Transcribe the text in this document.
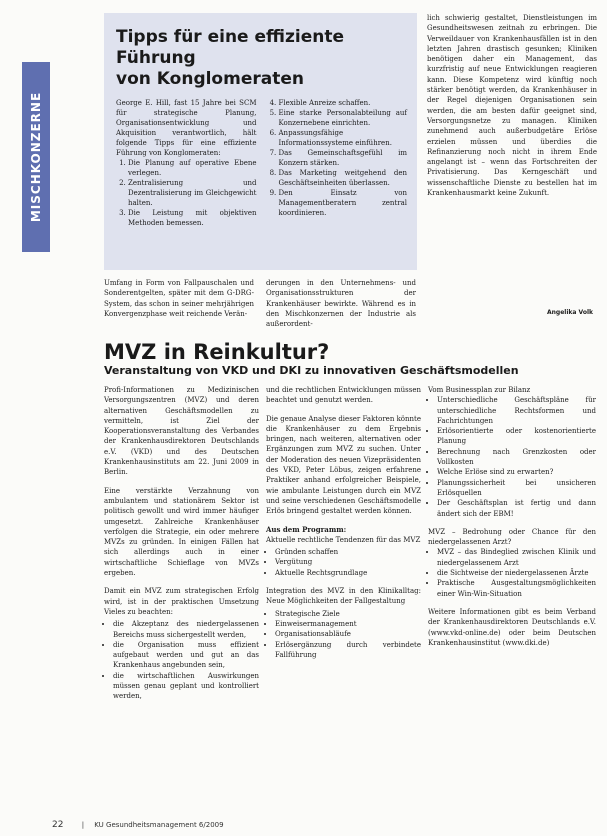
MISCHKONZERNE
Tipps für eine effiziente Führung
von Konglomeraten
George E. Hill, fast 15 Jahre bei SCM für strategische Planung, Organisationsentwicklung und Akquisition verantwortlich, hält folgende Tipps für eine effiziente Führung von Konglomeraten:
1. Die Planung auf operative Ebene verlegen.
2. Zentralisierung und Dezentralisierung im Gleichgewicht halten.
3. Die Leistung mit objektiven Methoden bemessen.
4. Flexible Anreize schaffen.
5. Eine starke Personalabteilung auf Konzernebene einrichten.
6. Anpassungsfähige Informationssysteme einführen.
7. Das Gemeinschaftsgefühl im Konzern stärken.
8. Das Marketing weitgehend den Geschäftseinheiten überlassen.
9. Den Einsatz von Managementberatern zentral koordinieren.
lich schwierig gestaltet, Dienstleistungen im Gesundheitswesen zeitnah zu erbringen. Die Verweildauer von Krankenhausfällen ist in den letzten Jahren drastisch gesunken; Kliniken benötigen daher ein Management, das kurzfristig auf neue Entwicklungen reagieren kann. Diese Kompetenz wird künftig noch stärker benötigt werden, da Krankenhäuser in der Regel diejenigen Organisationen sein werden, die am besten dafür geeignet sind, Versorgungsnetze zu managen. Kliniken zunehmend auch außerbudgetäre Erlöse erzielen müssen und überdies die Refinanzierung noch nicht in ihrem Ende angelangt ist – wenn das Fortschreiten der Privatisierung. Das Kerngeschäft und wissenschaftliche Dienste zu bestellen hat im Krankenhausmarkt keine Zukunft.
Umfang in Form von Fallpauschalen und Sonderentgelten, später mit dem G-DRG-System, das schon in seiner mehrjährigen Konvergenzphase weit reichende Verän-
derungen in den Unternehmens- und Organisationsstrukturen der Krankenhäuser bewirkte. Während es in den Mischkonzernen der Industrie als außerordent-
Angelika Volk
MVZ in Reinkultur?
Veranstaltung von VKD und DKI zu innovativen Geschäftsmodellen

Profi-Informationen zu Medizinischen Versorgungszentren (MVZ) und deren alternativen Geschäftsmodellen zu vermitteln, ist Ziel der Kooperationsveranstaltung des Verbandes der Krankenhausdirektoren Deutschlands e.V. (VKD) und des Deutschen Krankenhausinstituts am 22. Juni 2009 in Berlin.

Eine verstärkte Verzahnung von ambulantem und stationärem Sektor ist politisch gewollt und wird immer häufiger umgesetzt. Zahlreiche Krankenhäuser verfolgen die Strategie, ein oder mehrere MVZs zu gründen. In einigen Fällen hat sich allerdings auch in einer wirtschaftliche Schieflage von MVZs ergeben.

Damit ein MVZ zum strategischen Erfolg wird, ist in der praktischen Umsetzung Vieles zu beachten:

• die Akzeptanz des niedergelassenen Bereichs muss sichergestellt werden,
• die Organisation muss effizient aufgebaut werden und gut an das Krankenhaus angebunden sein,
• die wirtschaftlichen Auswirkungen müssen genau geplant und kontrolliert werden,

und die rechtlichen Entwicklungen müssen beachtet und genutzt werden.

Die genaue Analyse dieser Faktoren könnte die Krankenhäuser zu dem Ergebnis bringen, nach weiteren, alternativen oder Ergänzungen zum MVZ zu suchen. Unter der Moderation des neuen Vizepräsidenten des VKD, Peter Löbus, zeigen erfahrene Praktiker anhand erfolgreicher Beispiele, wie ambulante Leistungen durch ein MVZ und seine verschiedenen Geschäftsmodelle Erlös bringend gestaltet werden können.

Aus dem Programm:

Aktuelle rechtliche Tendenzen für das MVZ

• Gründen schaffen
• Vergütung
• Aktuelle Rechtsgrundlage

Integration des MVZ in den Klinikalltag: Neue Möglichkeiten der Fallgestaltung

• Strategische Ziele
• Einweisermanagement
• Organisationsabläufe
• Erlösergänzung durch verbindete Fallführung

Vom Businessplan zur Bilanz

• Unterschiedliche Geschäftspläne für unterschiedliche Rechtsformen und Fachrichtungen
• Erlösorientierte oder kostenorientierte Planung
• Berechnung nach Grenzkosten oder Vollkosten
• Welche Erlöse sind zu erwarten?
• Planungssicherheit bei unsicheren Erlösquellen
• Der Geschäftsplan ist fertig und dann ändert sich der EBM!

MVZ – Bedrohung oder Chance für den niedergelassenen Arzt?

• MVZ – das Bindeglied zwischen Klinik und niedergelassenem Arzt
• die Sichtweise der niedergelassenen Ärzte
• Praktische Ausgestaltungsmöglichkeiten einer Win-Win-Situation

Weitere Informationen gibt es beim Verband der Krankenhausdirektoren Deutschlands e.V. (www.vkd-online.de) oder beim Deutschen Krankenhausinstitut (www.dki.de)

22	| KU Gesundheitsmanagement 6/2009
